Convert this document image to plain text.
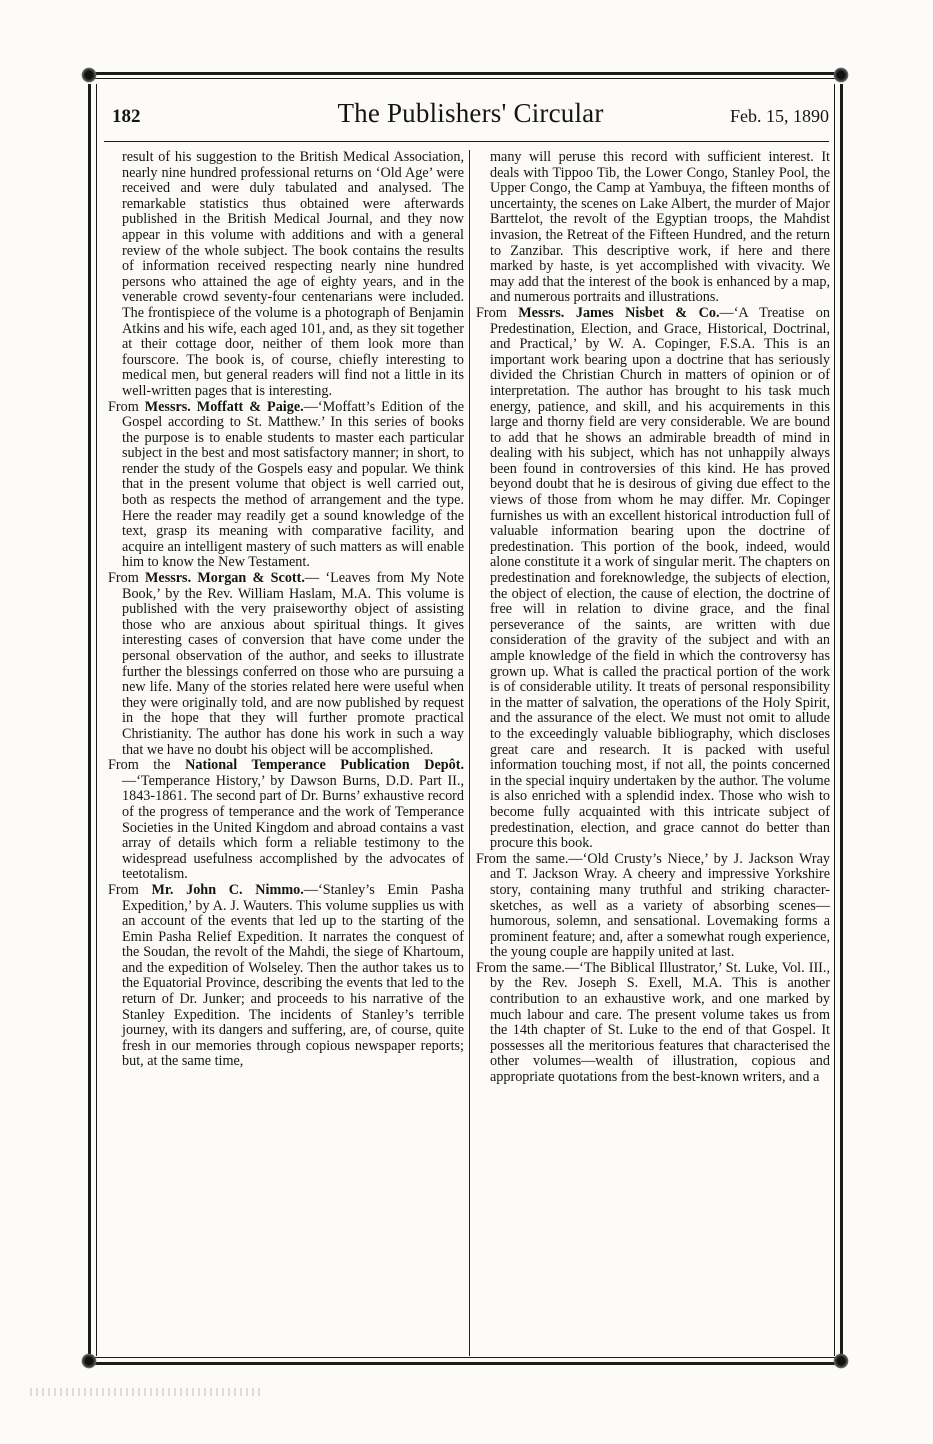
182	The Publishers' Circular	Feb. 15, 1890

result of his suggestion to the British Medical Association, nearly nine hundred professional returns on ‘Old Age’ were received and were duly tabulated and analysed. The remarkable statistics thus obtained were afterwards published in the British Medical Journal, and they now appear in this volume with additions and with a general review of the whole subject. The book contains the results of information received respecting nearly nine hundred persons who attained the age of eighty years, and in the venerable crowd seventy-four centenarians were included. The frontispiece of the volume is a photograph of Benjamin Atkins and his wife, each aged 101, and, as they sit together at their cottage door, neither of them look more than fourscore. The book is, of course, chiefly interesting to medical men, but general readers will find not a little in its well-written pages that is interesting.

From Messrs. Moffatt & Paige.—‘Moffatt’s Edition of the Gospel according to St. Matthew.’ In this series of books the purpose is to enable students to master each particular subject in the best and most satisfactory manner; in short, to render the study of the Gospels easy and popular. We think that in the present volume that object is well carried out, both as respects the method of arrangement and the type. Here the reader may readily get a sound knowledge of the text, grasp its meaning with comparative facility, and acquire an intelligent mastery of such matters as will enable him to know the New Testament.

From Messrs. Morgan & Scott.— ‘Leaves from My Note Book,’ by the Rev. William Haslam, M.A. This volume is published with the very praiseworthy object of assisting those who are anxious about spiritual things. It gives interesting cases of conversion that have come under the personal observation of the author, and seeks to illustrate further the blessings conferred on those who are pursuing a new life. Many of the stories related here were useful when they were originally told, and are now published by request in the hope that they will further promote practical Christianity. The author has done his work in such a way that we have no doubt his object will be accomplished.

From the National Temperance Publication Depôt.—‘Temperance History,’ by Dawson Burns, D.D. Part II., 1843-1861. The second part of Dr. Burns’ exhaustive record of the progress of temperance and the work of Temperance Societies in the United Kingdom and abroad contains a vast array of details which form a reliable testimony to the widespread usefulness accomplished by the advocates of teetotalism.

From Mr. John C. Nimmo.—‘Stanley’s Emin Pasha Expedition,’ by A. J. Wauters. This volume supplies us with an account of the events that led up to the starting of the Emin Pasha Relief Expedition. It narrates the conquest of the Soudan, the revolt of the Mahdi, the siege of Khartoum, and the expedition of Wolseley. Then the author takes us to the Equatorial Province, describing the events that led to the return of Dr. Junker; and proceeds to his narrative of the Stanley Expedition. The incidents of Stanley’s terrible journey, with its dangers and suffering, are, of course, quite fresh in our memories through copious newspaper reports; but, at the same time,

many will peruse this record with sufficient interest. It deals with Tippoo Tib, the Lower Congo, Stanley Pool, the Upper Congo, the Camp at Yambuya, the fifteen months of uncertainty, the scenes on Lake Albert, the murder of Major Barttelot, the revolt of the Egyptian troops, the Mahdist invasion, the Retreat of the Fifteen Hundred, and the return to Zanzibar. This descriptive work, if here and there marked by haste, is yet accomplished with vivacity. We may add that the interest of the book is enhanced by a map, and numerous portraits and illustrations.

From Messrs. James Nisbet & Co.—‘A Treatise on Predestination, Election, and Grace, Historical, Doctrinal, and Practical,’ by W. A. Copinger, F.S.A. This is an important work bearing upon a doctrine that has seriously divided the Christian Church in matters of opinion or of interpretation. The author has brought to his task much energy, patience, and skill, and his acquirements in this large and thorny field are very considerable. We are bound to add that he shows an admirable breadth of mind in dealing with his subject, which has not unhappily always been found in controversies of this kind. He has proved beyond doubt that he is desirous of giving due effect to the views of those from whom he may differ. Mr. Copinger furnishes us with an excellent historical introduction full of valuable information bearing upon the doctrine of predestination. This portion of the book, indeed, would alone constitute it a work of singular merit. The chapters on predestination and foreknowledge, the subjects of election, the object of election, the cause of election, the doctrine of free will in relation to divine grace, and the final perseverance of the saints, are written with due consideration of the gravity of the subject and with an ample knowledge of the field in which the controversy has grown up. What is called the practical portion of the work is of considerable utility. It treats of personal responsibility in the matter of salvation, the operations of the Holy Spirit, and the assurance of the elect. We must not omit to allude to the exceedingly valuable bibliography, which discloses great care and research. It is packed with useful information touching most, if not all, the points concerned in the special inquiry undertaken by the author. The volume is also enriched with a splendid index. Those who wish to become fully acquainted with this intricate subject of predestination, election, and grace cannot do better than procure this book.

From the same.—‘Old Crusty’s Niece,’ by J. Jackson Wray and T. Jackson Wray. A cheery and impressive Yorkshire story, containing many truthful and striking character-sketches, as well as a variety of absorbing scenes—humorous, solemn, and sensational. Lovemaking forms a prominent feature; and, after a somewhat rough experience, the young couple are happily united at last.

From the same.—‘The Biblical Illustrator,’ St. Luke, Vol. III., by the Rev. Joseph S. Exell, M.A. This is another contribution to an exhaustive work, and one marked by much labour and care. The present volume takes us from the 14th chapter of St. Luke to the end of that Gospel. It possesses all the meritorious features that characterised the other volumes—wealth of illustration, copious and appropriate quotations from the best-known writers, and a
